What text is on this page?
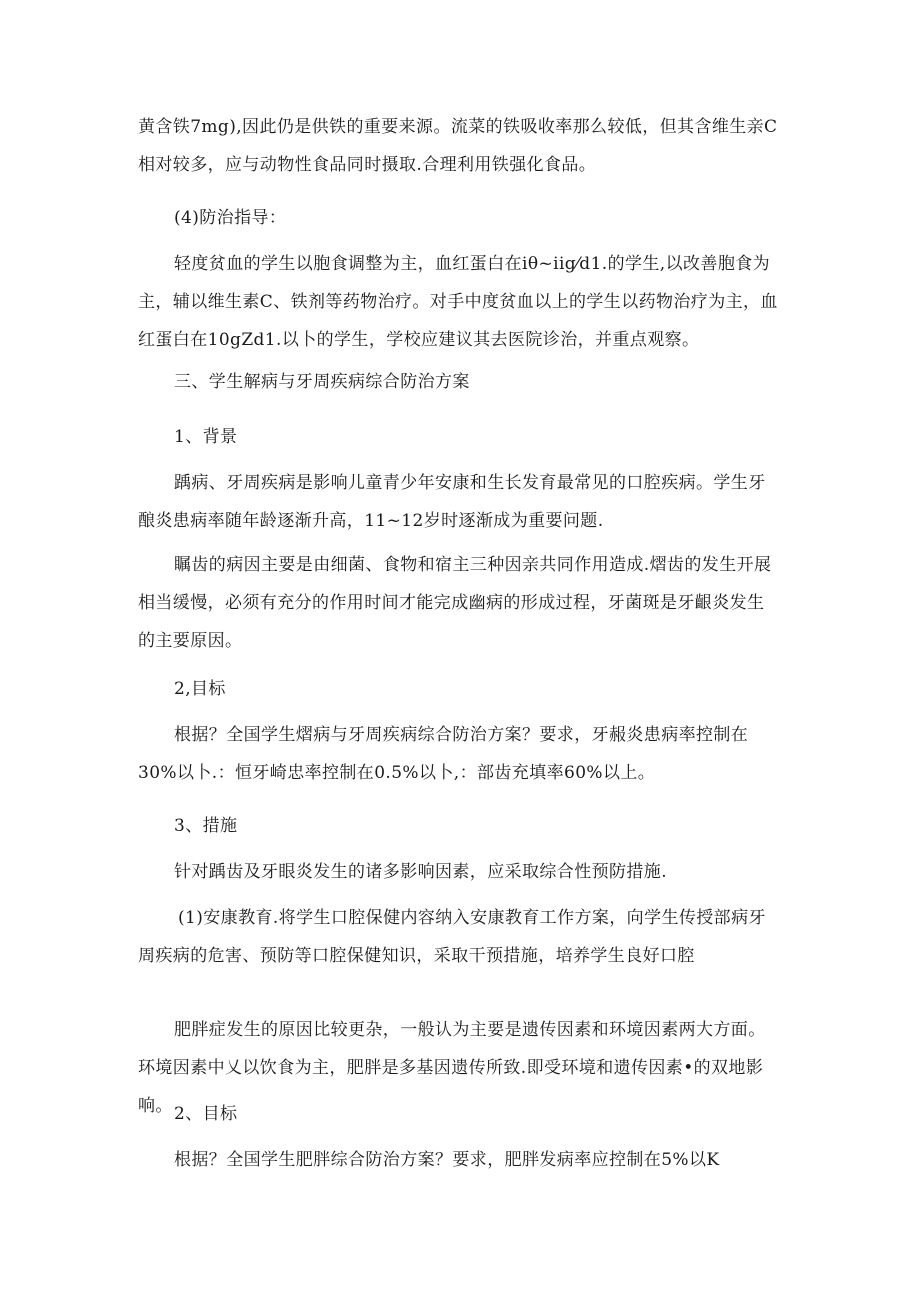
黄含铁7mg),因此仍是供铁的重要来源。流菜的铁吸收率那么较低，但其含维生亲C相对较多，应与动物性食品同时摄取.合理利用铁强化食品。

(4)防治指导：

轻度贫血的学生以胞食调整为主，血红蛋白在iθ~iig⁄d1.的学生,以改善胞食为主，辅以维生素C、铁剂等药物治疗。对手中度贫血以上的学生以药物治疗为主，血红蛋白在10gZd1.以卜的学生，学校应建议其去医院诊治，并重点观察。

三、学生解病与牙周疾病综合防治方案

1、背景

踽病、牙周疾病是影响儿童青少年安康和生长发育最常见的口腔疾病。学生牙酿炎患病率随年龄逐渐升高，11~12岁时逐渐成为重要问题.

瞩齿的病因主要是由细菌、食物和宿主三种因亲共同作用造成.熠齿的发生开展相当缓慢，必须有充分的作用时间才能完成幽病的形成过程，牙菌斑是牙齦炎发生的主要原因。

2,目标

根据？全国学生熠病与牙周疾病综合防治方案？要求，牙赧炎患病率控制在30%以卜.：恒牙崎忠率控制在0.5%以卜,：部齿充填率60%以上。

3、措施

针对踽齿及牙眼炎发生的诸多影响因素，应采取综合性预防措施.

(1)安康教育.将学生口腔保健内容纳入安康教育工作方案，向学生传授部病牙周疾病的危害、预防等口腔保健知识，采取干预措施，培养学生良好口腔

肥胖症发生的原因比较更杂，一般认为主要是遗传因素和环境因素两大方面。环境因素中乂以饮食为主，肥胖是多基因遗传所致.即受环境和遗传因素•的双地影响。 2、目标

根据？全国学生肥胖综合防治方案？要求，肥胖发病率应控制在5%以K
